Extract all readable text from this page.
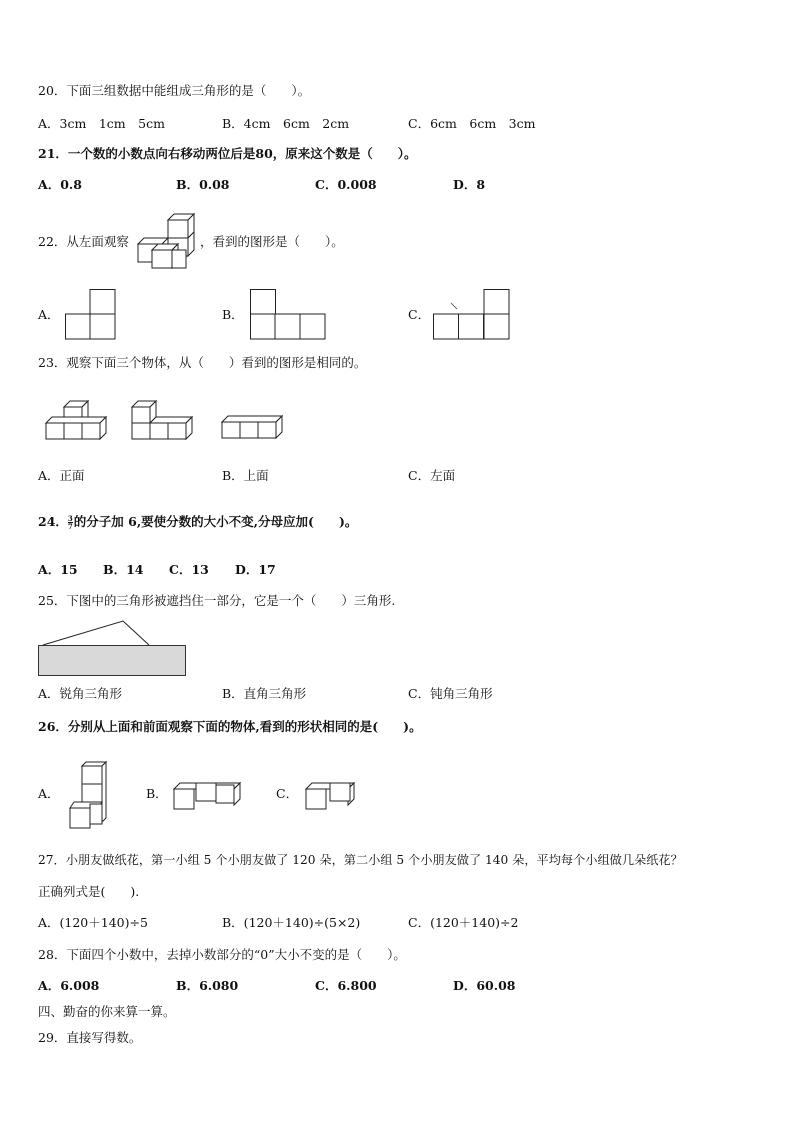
20．下面三组数据中能组成三角形的是（　　）。
A．3cm　1cm　5cm	B．4cm　6cm　2cm	C．6cm　6cm　3cm
21．一个数的小数点向右移动两位后是80，原来这个数是（　　）。
A．0.8	B．0.08	C．0.008	D．8
22．从左面观察	，看到的图形是（　　）。
A．	B．	C．
23．观察下面三个物体，从（　　）看到的图形是相同的。
A．正面	B．上面	C．左面
24． $\frac{3}{7}$ 的分子加 6,要使分数的大小不变,分母应加(　　)。
A．15 B．14 C．13 D．17
25．下图中的三角形被遮挡住一部分，它是一个（　　）三角形.
A．锐角三角形	B．直角三角形	C．钝角三角形
26．分别从上面和前面观察下面的物体,看到的形状相同的是(　　)。
A．	B．	C．
27．小朋友做纸花，第一小组 5 个小朋友做了 120 朵，第二小组 5 个小朋友做了 140 朵，平均每个小组做几朵纸花？
正确列式是(　　).
A．(120＋140)÷5	B．(120＋140)÷(5×2)	C．(120＋140)÷2
28．下面四个小数中，去掉小数部分的“0”大小不变的是（　　）。
A．6.008	B．6.080	C．6.800	D．60.08
四、勤奋的你来算一算。
29．直接写得数。
